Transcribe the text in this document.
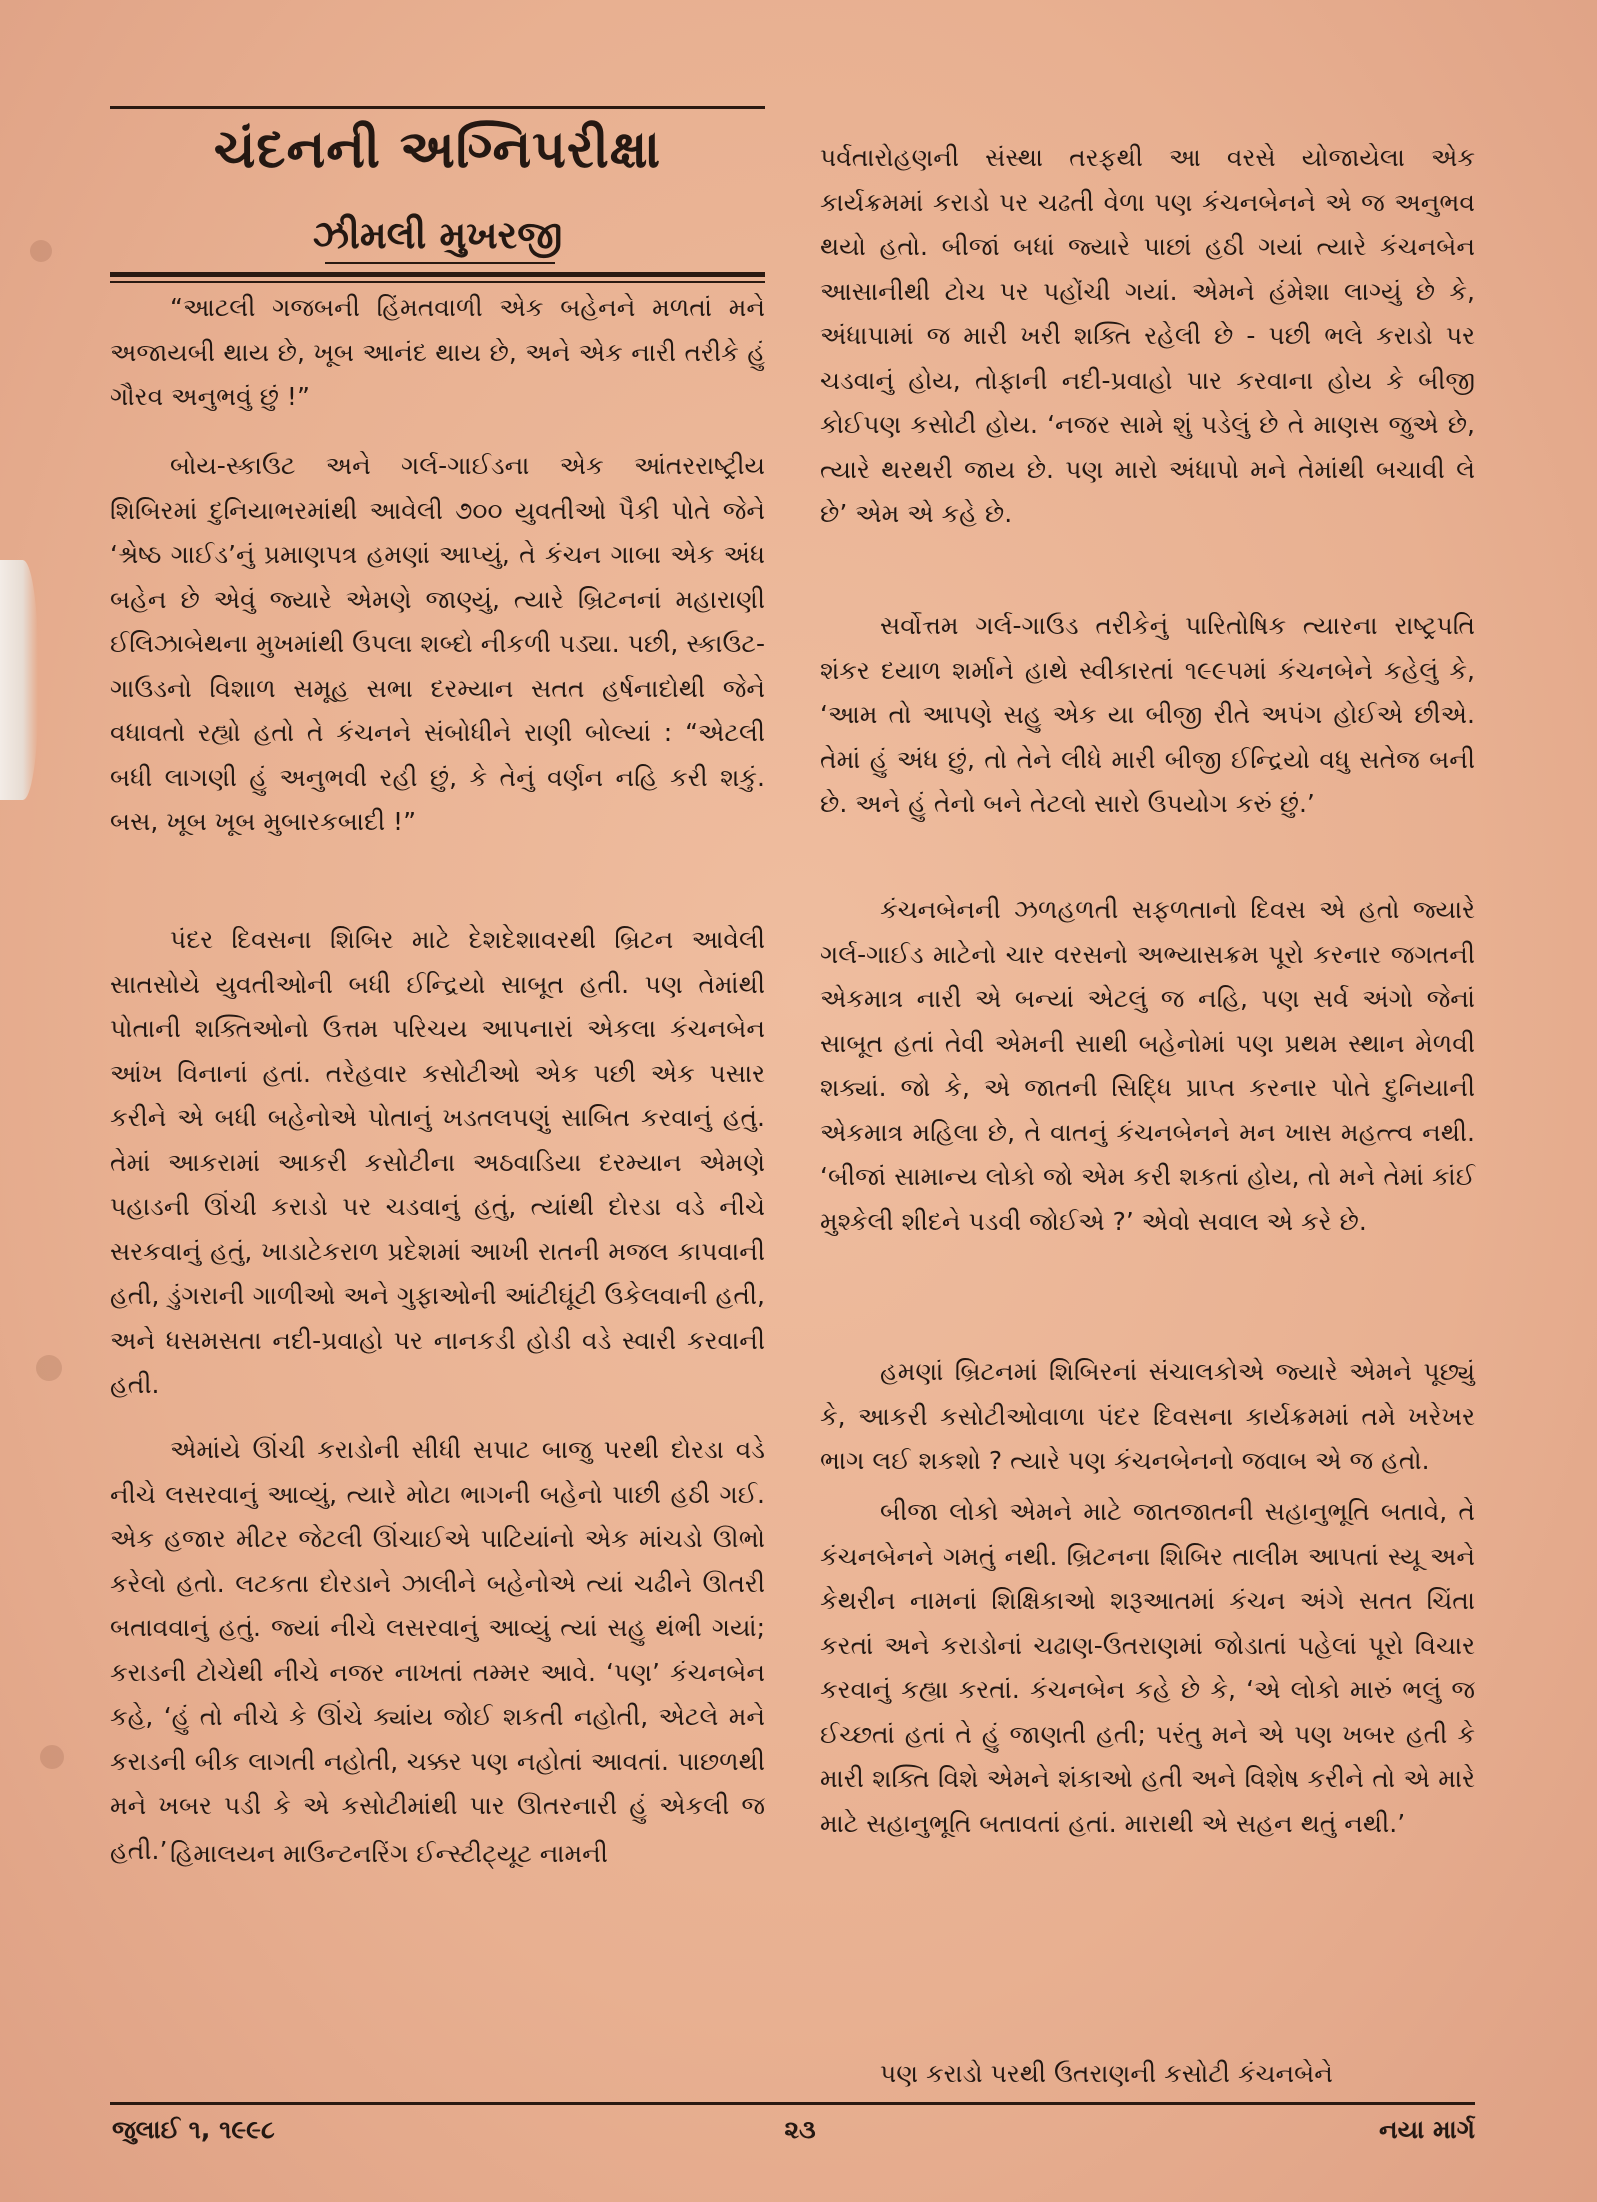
ચંદનની અગ્નિપરીક્ષા
ઝીમલી મુખરજી

“આટલી ગજબની હિંમતવાળી એક બહેનને મળતાં મને અજાયબી થાય છે, ખૂબ આનંદ થાય છે, અને એક નારી તરીકે હું ગૌરવ અનુભવું છું !”

બોય-સ્કાઉટ અને ગર્લ-ગાઈડના એક આંતરરાષ્ટ્રીય શિબિરમાં દુનિયાભરમાંથી આવેલી ૭૦૦ યુવતીઓ પૈકી પોતે જેને ‘શ્રેષ્ઠ ગાઈડ’નું પ્રમાણપત્ર હમણાં આપ્યું, તે કંચન ગાબા એક અંધ બહેન છે એવું જ્યારે એમણે જાણ્યું, ત્યારે બ્રિટનનાં મહારાણી ઈલિઝાબેથના મુખમાંથી ઉપલા શબ્દો નીકળી પડ્યા. પછી, સ્કાઉટ-ગાઉડનો વિશાળ સમૂહ સભા દરમ્યાન સતત હર્ષનાદોથી જેને વધાવતો રહ્યો હતો તે કંચનને સંબોધીને રાણી બોલ્યાં : “એટલી બધી લાગણી હું અનુભવી રહી છું, કે તેનું વર્ણન નહિ કરી શકું. બસ, ખૂબ ખૂબ મુબારકબાદી !”

પંદર દિવસના શિબિર માટે દેશદેશાવરથી બ્રિટન આવેલી સાતસોયે યુવતીઓની બધી ઈન્દ્રિયો સાબૂત હતી. પણ તેમાંથી પોતાની શક્તિઓનો ઉત્તમ પરિચય આપનારાં એકલા કંચનબેન આંખ વિનાનાં હતાં. તરેહવાર કસોટીઓ એક પછી એક પસાર કરીને એ બધી બહેનોએ પોતાનું ખડતલપણું સાબિત કરવાનું હતું. તેમાં આકરામાં આકરી કસોટીના અઠવાડિયા દરમ્યાન એમણે પહાડની ઊંચી કરાડો પર ચડવાનું હતું, ત્યાંથી દોરડા વડે નીચે સરકવાનું હતું, ખાડાટેકરાળ પ્રદેશમાં આખી રાતની મજલ કાપવાની હતી, ડુંગરાની ગાળીઓ અને ગુફાઓની આંટીઘૂંટી ઉકેલવાની હતી, અને ધસમસતા નદી-પ્રવાહો પર નાનકડી હોડી વડે સ્વારી કરવાની હતી.

એમાંયે ઊંચી કરાડોની સીધી સપાટ બાજુ પરથી દોરડા વડે નીચે લસરવાનું આવ્યું, ત્યારે મોટા ભાગની બહેનો પાછી હઠી ગઈ. એક હજાર મીટર જેટલી ઊંચાઈએ પાટિયાંનો એક માંચડો ઊભો કરેલો હતો. લટકતા દોરડાને ઝાલીને બહેનોએ ત્યાં ચઢીને ઊતરી બતાવવાનું હતું. જ્યાં નીચે લસરવાનું આવ્યું ત્યાં સહુ થંભી ગયાં; કરાડની ટોચેથી નીચે નજર નાખતાં તમ્મર આવે. ‘પણ’ કંચનબેન કહે, ‘હું તો નીચે કે ઊંચે ક્યાંય જોઈ શકતી નહોતી, એટલે મને કરાડની બીક લાગતી નહોતી, ચક્કર પણ નહોતાં આવતાં. પાછળથી મને ખબર પડી કે એ કસોટીમાંથી પાર ઊતરનારી હું એકલી જ હતી.’ હિમાલયન માઉન્ટનરિંગ ઈન્સ્ટીટ્યૂટ નામની

પર્વતારોહણની સંસ્થા તરફથી આ વરસે યોજાયેલા એક કાર્યક્રમમાં કરાડો પર ચઢતી વેળા પણ કંચનબેનને એ જ અનુભવ થયો હતો. બીજાં બધાં જ્યારે પાછાં હઠી ગયાં ત્યારે કંચનબેન આસાનીથી ટોચ પર પહોંચી ગયાં. એમને હંમેશા લાગ્યું છે કે, અંધાપામાં જ મારી ખરી શક્તિ રહેલી છે - પછી ભલે કરાડો પર ચડવાનું હોય, તોફાની નદી-પ્રવાહો પાર કરવાના હોય કે બીજી કોઈપણ કસોટી હોય. ‘નજર સામે શું પડેલું છે તે માણસ જુએ છે, ત્યારે થરથરી જાય છે. પણ મારો અંધાપો મને તેમાંથી બચાવી લે છે’ એમ એ કહે છે.

સર્વોત્તમ ગર્લ-ગાઉડ તરીકેનું પારિતોષિક ત્યારના રાષ્ટ્રપતિ શંકર દયાળ શર્માને હાથે સ્વીકારતાં ૧૯૯૫માં કંચનબેને કહેલું કે, ‘આમ તો આપણે સહુ એક યા બીજી રીતે અપંગ હોઈએ છીએ. તેમાં હું અંધ છું, તો તેને લીધે મારી બીજી ઈન્દ્રિયો વધુ સતેજ બની છે. અને હું તેનો બને તેટલો સારો ઉપયોગ કરું છું.’

કંચનબેનની ઝળહળતી સફળતાનો દિવસ એ હતો જ્યારે ગર્લ-ગાઈડ માટેનો ચાર વરસનો અભ્યાસક્રમ પૂરો કરનાર જગતની એકમાત્ર નારી એ બન્યાં એટલું જ નહિ, પણ સર્વ અંગો જેનાં સાબૂત હતાં તેવી એમની સાથી બહેનોમાં પણ પ્રથમ સ્થાન મેળવી શક્યાં. જો કે, એ જાતની સિદ્ધિ પ્રાપ્ત કરનાર પોતે દુનિયાની એકમાત્ર મહિલા છે, તે વાતનું કંચનબેનને મન ખાસ મહત્ત્વ નથી. ‘બીજાં સામાન્ય લોકો જો એમ કરી શકતાં હોય, તો મને તેમાં કાંઈ મુશ્કેલી શીદને પડવી જોઈએ ?’ એવો સવાલ એ કરે છે.

હમણાં બ્રિટનમાં શિબિરનાં સંચાલકોએ જ્યારે એમને પૂછ્યું કે, આકરી કસોટીઓવાળા પંદર દિવસના કાર્યક્રમમાં તમે ખરેખર ભાગ લઈ શકશો ? ત્યારે પણ કંચનબેનનો જવાબ એ જ હતો.

બીજા લોકો એમને માટે જાતજાતની સહાનુભૂતિ બતાવે, તે કંચનબેનને ગમતું નથી. બ્રિટનના શિબિર તાલીમ આપતાં સ્યૂ અને કેથરીન નામનાં શિક્ષિકાઓ શરૂઆતમાં કંચન અંગે સતત ચિંતા કરતાં અને કરાડોનાં ચઢાણ-ઉતરાણમાં જોડાતાં પહેલાં પૂરો વિચાર કરવાનું કહ્યા કરતાં. કંચનબેન કહે છે કે, ‘એ લોકો મારું ભલું જ ઈચ્છતાં હતાં તે હું જાણતી હતી; પરંતુ મને એ પણ ખબર હતી કે મારી શક્તિ વિશે એમને શંકાઓ હતી અને વિશેષ કરીને તો એ મારે માટે સહાનુભૂતિ બતાવતાં હતાં. મારાથી એ સહન થતું નથી.’

પણ કરાડો પરથી ઉતરાણની કસોટી કંચનબેને

જુલાઈ ૧, ૧૯૯૮	૨૩	નયા માર્ગ
